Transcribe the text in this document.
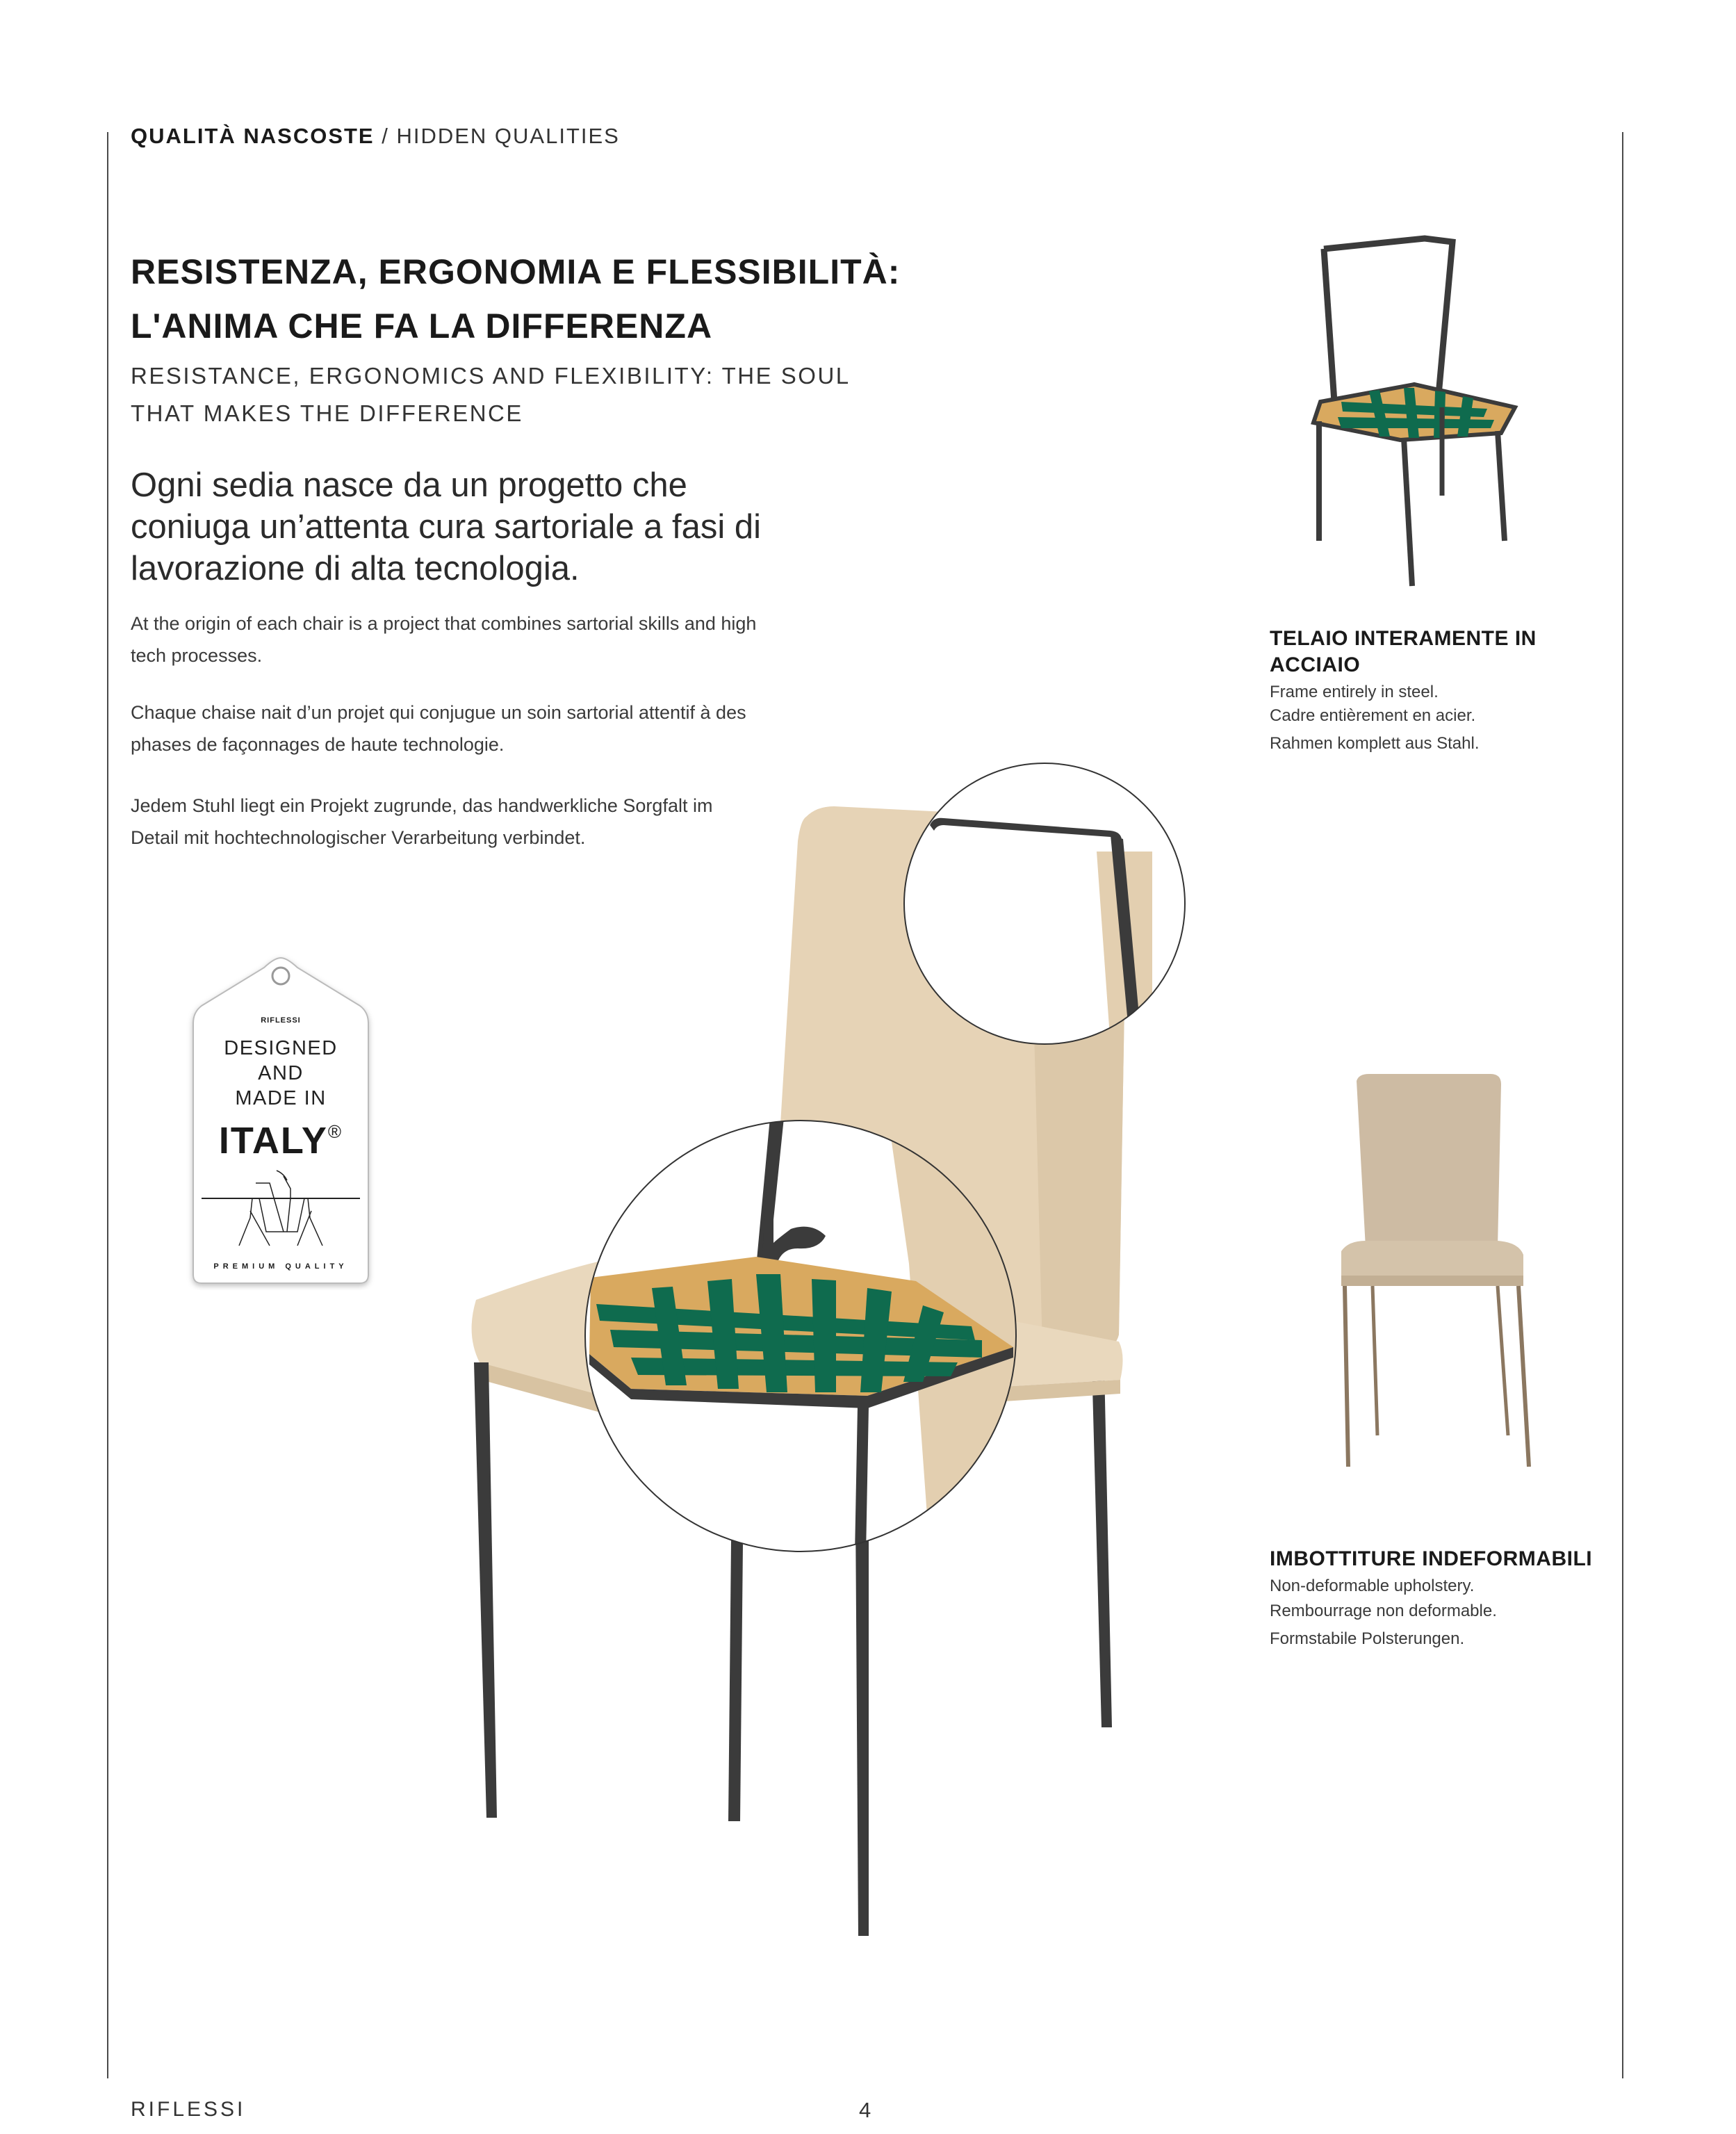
QUALITÀ NASCOSTE / HIDDEN QUALITIES
RESISTENZA, ERGONOMIA E FLESSIBILITÀ:
L'ANIMA CHE FA LA DIFFERENZA
RESISTANCE, ERGONOMICS AND FLEXIBILITY: THE SOUL
THAT MAKES THE DIFFERENCE
Ogni sedia nasce da un progetto che
coniuga un’attenta cura sartoriale a fasi di
lavorazione di alta tecnologia.
At the origin of each chair is a project that combines sartorial skills and high
tech processes.
Chaque chaise nait d’un projet qui conjugue un soin sartorial attentif à des
phases de façonnages de haute technologie.
Jedem Stuhl liegt ein Projekt zugrunde, das handwerkliche Sorgfalt im
Detail mit hochtechnologischer Verarbeitung verbindet.
TELAIO INTERAMENTE IN
ACCIAIO
Frame entirely in steel.
Cadre entièrement en acier.
Rahmen komplett aus Stahl.
IMBOTTITURE INDEFORMABILI
Non-deformable upholstery.
Rembourrage non deformable.
Formstabile Polsterungen.
RIFLESSI
DESIGNED
AND
MADE IN
ITALY®
PREMIUM QUALITY
RIFLESSI	4
